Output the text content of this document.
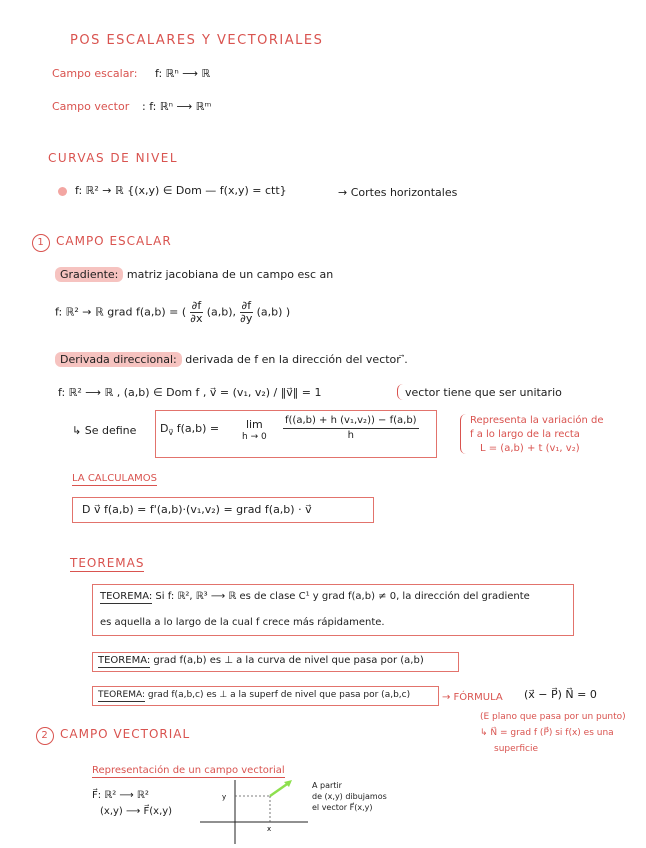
POS ESCALARES Y VECTORIALES
Campo escalar: f: ℝⁿ ⟶ ℝ
Campo vector : f: ℝⁿ ⟶ ℝᵐ
CURVAS DE NIVEL
f: ℝ² → ℝ {(x,y) ∈ Dom — f(x,y) = ctt}	→ Cortes horizontales
1 CAMPO ESCALAR
Gradiente: matriz jacobiana de un campo esc an
f: ℝ² → ℝ grad f(a,b) = ( $\frac{\partial f}{\partial x} (a,b)$, $\frac{\partial f}{\partial y} (a,b)$ )
Derivada direccional: derivada de f en la dirección del vector ⃗.
f: ℝ² ⟶ ℝ , (a,b) ∈ Dom f , v⃗ = (v₁, v₂) / ‖v⃗‖ = 1	vector tiene que ser unitario
↳ Se define $D_{v⃗}$ f(a,b) =	lim
$h \to 0 \frac{\text{f((a,b) + h (v₁,v₂)) − f(a,b)}}{h}$	Representa la variación de
f a lo largo de la recta
L = (a,b) + t (v₁, v₂)
LA CALCULAMOS
D v⃗ f(a,b) = f'(a,b)·(v₁,v₂) = grad f(a,b) · v⃗
TEOREMAS
TEOREMA: Si f: ℝ², ℝ³ ⟶ ℝ es de clase C¹ y grad f(a,b) ≠ 0, la dirección del gradiente
es aquella a lo largo de la cual f crece más rápidamente.
TEOREMA: grad f(a,b) es ⊥ a la curva de nivel que pasa por (a,b)
TEOREMA: grad f(a,b,c) es ⊥ a la superf de nivel que pasa por (a,b,c)	→ FÓRMULA (x⃗ − P⃗) N⃗ = 0
(E plano que pasa por un punto)
↳ N⃗ = grad f (P⃗) si f(x) es una
superficie
2 CAMPO VECTORIAL
Representación de un campo vectorial
F⃗: ℝ² ⟶ ℝ²
(x,y) ⟶ F⃗(x,y)
y
x
A partir
de (x,y) dibujamos
el vector F⃗(x,y)
